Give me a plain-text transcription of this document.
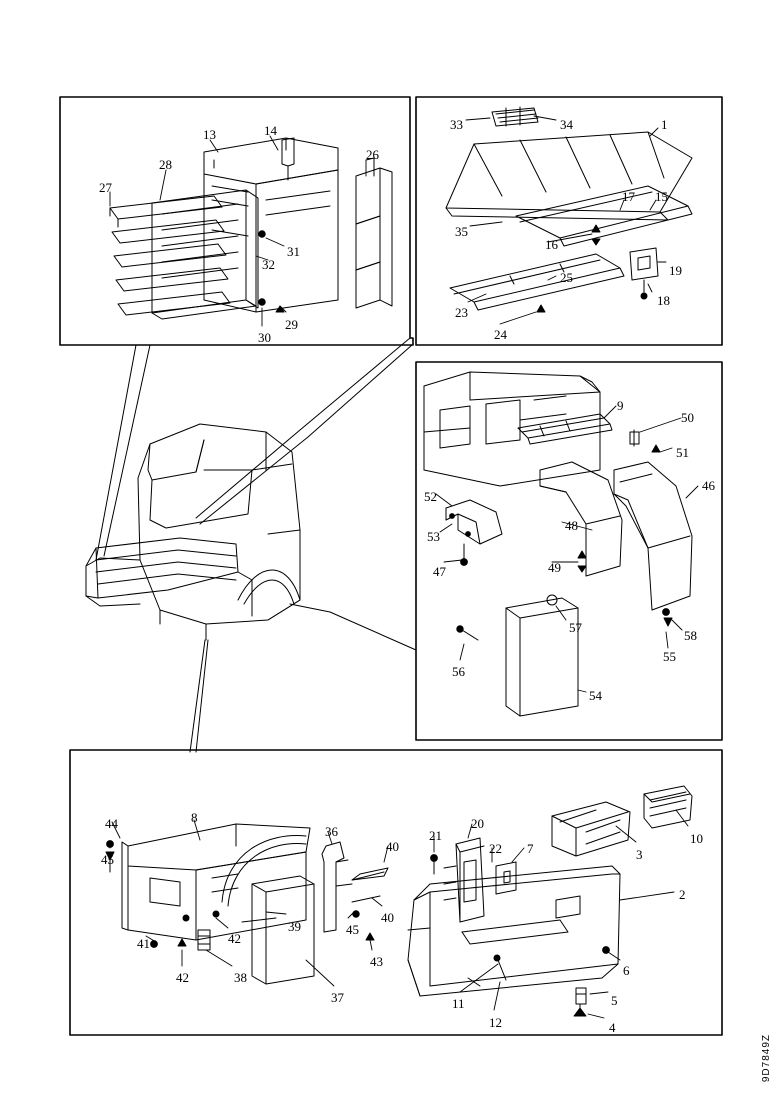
13	14
26
28
27
31
32
30
29
33	34	1
17 15
35
16
19
18
25
23
24
9
50
51
46
52
53
48
47	49
57
58
55
56
54
44	8
36
40
21
20
22 7	3
10
45
2
39
40
41	42
45
43
42	38
37
6
11	5
12	4
9D7849Z
